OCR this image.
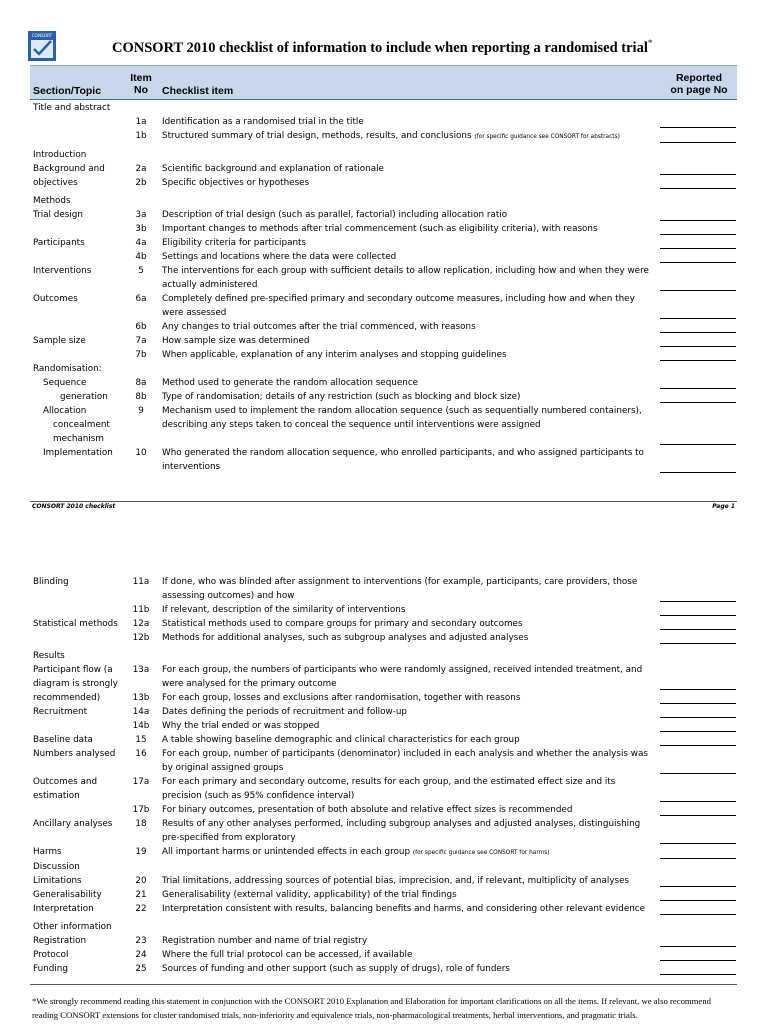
CONSORT
CONSORT 2010 checklist of information to include when reporting a randomised trial*
Section/Topic
Item
No	Checklist item
Reported
on page No
Title and abstract
1a	Identification as a randomised trial in the title
1b	Structured summary of trial design, methods, results, and conclusions (for specific guidance see CONSORT for abstracts)
Introduction
Background and	2a	Scientific background and explanation of rationale
objectives	2b	Specific objectives or hypotheses
Methods
Trial design	3a	Description of trial design (such as parallel, factorial) including allocation ratio
3b	Important changes to methods after trial commencement (such as eligibility criteria), with reasons
Participants	4a	Eligibility criteria for participants
4b	Settings and locations where the data were collected
Interventions	5	The interventions for each group with sufficient details to allow replication, including how and when they were actually administered
Outcomes	6a	Completely defined pre-specified primary and secondary outcome measures, including how and when they were assessed
6b	Any changes to trial outcomes after the trial commenced, with reasons
Sample size	7a	How sample size was determined
7b	When applicable, explanation of any interim analyses and stopping guidelines
Randomisation:
Sequence	8a	Method used to generate the random allocation sequence
generation	8b	Type of randomisation; details of any restriction (such as blocking and block size)
Allocation
concealment
mechanism
9	Mechanism used to implement the random allocation sequence (such as sequentially numbered containers), describing any steps taken to conceal the sequence until interventions were assigned
Implementation	10	Who generated the random allocation sequence, who enrolled participants, and who assigned participants to interventions
CONSORT 2010 checklist	Page 1
Blinding	11a	If done, who was blinded after assignment to interventions (for example, participants, care providers, those assessing outcomes) and how
11b	If relevant, description of the similarity of interventions
Statistical methods	12a	Statistical methods used to compare groups for primary and secondary outcomes
12b	Methods for additional analyses, such as subgroup analyses and adjusted analyses
Results
Participant flow (a
diagram is strongly
13a	For each group, the numbers of participants who were randomly assigned, received intended treatment, and were analysed for the primary outcome
recommended)	13b	For each group, losses and exclusions after randomisation, together with reasons
Recruitment	14a	Dates defining the periods of recruitment and follow-up
14b	Why the trial ended or was stopped
Baseline data	15	A table showing baseline demographic and clinical characteristics for each group
Numbers analysed	16	For each group, number of participants (denominator) included in each analysis and whether the analysis was by original assigned groups
Outcomes and
estimation
17a	For each primary and secondary outcome, results for each group, and the estimated effect size and its precision (such as 95% confidence interval)
17b	For binary outcomes, presentation of both absolute and relative effect sizes is recommended
Ancillary analyses	18	Results of any other analyses performed, including subgroup analyses and adjusted analyses, distinguishing pre-specified from exploratory
Harms	19	All important harms or unintended effects in each group (for specific guidance see CONSORT for harms)
Discussion
Limitations	20	Trial limitations, addressing sources of potential bias, imprecision, and, if relevant, multiplicity of analyses
Generalisability	21	Generalisability (external validity, applicability) of the trial findings
Interpretation	22	Interpretation consistent with results, balancing benefits and harms, and considering other relevant evidence
Other information
Registration	23	Registration number and name of trial registry
Protocol	24	Where the full trial protocol can be accessed, if available
Funding	25	Sources of funding and other support (such as supply of drugs), role of funders
*We strongly recommend reading this statement in conjunction with the CONSORT 2010 Explanation and Elaboration for important clarifications on all the items. If relevant, we also recommend reading CONSORT extensions for cluster randomised trials, non-inferiority and equivalence trials, non-pharmacological treatments, herbal interventions, and pragmatic trials.
